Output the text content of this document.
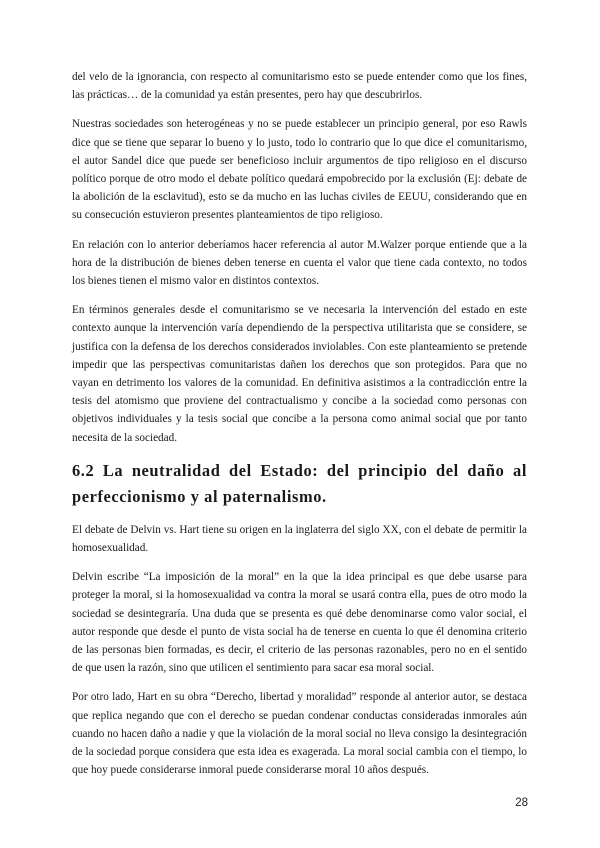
del velo de la ignorancia, con respecto al comunitarismo esto se puede entender como que los fines, las prácticas… de la comunidad ya están presentes, pero hay que descubrirlos.

Nuestras sociedades son heterogéneas y no se puede establecer un principio general, por eso Rawls dice que se tiene que separar lo bueno y lo justo, todo lo contrario que lo que dice el comunitarismo, el autor Sandel dice que puede ser beneficioso incluir argumentos de tipo religioso en el discurso político porque de otro modo el debate político quedará empobrecido por la exclusión (Ej: debate de la abolición de la esclavitud), esto se da mucho en las luchas civiles de EEUU, considerando que en su consecución estuvieron presentes planteamientos de tipo religioso.

En relación con lo anterior deberíamos hacer referencia al autor M.Walzer porque entiende que a la hora de la distribución de bienes deben tenerse en cuenta el valor que tiene cada contexto, no todos los bienes tienen el mismo valor en distintos contextos.

En términos generales desde el comunitarismo se ve necesaria la intervención del estado en este contexto aunque la intervención varía dependiendo de la perspectiva utilitarista que se considere, se justifica con la defensa de los derechos considerados inviolables. Con este planteamiento se pretende impedir que las perspectivas comunitaristas dañen los derechos que son protegidos. Para que no vayan en detrimento los valores de la comunidad. En definitiva asistimos a la contradicción entre la tesis del atomismo que proviene del contractualismo y concibe a la sociedad como personas con objetivos individuales y la tesis social que concibe a la persona como animal social que por tanto necesita de la sociedad.

6.2 La neutralidad del Estado: del principio del daño al perfeccionismo y al paternalismo.

El debate de Delvin vs. Hart tiene su origen en la inglaterra del siglo XX, con el debate de permitir la homosexualidad.

Delvin escribe “La imposición de la moral” en la que la idea principal es que debe usarse para proteger la moral, si la homosexualidad va contra la moral se usará contra ella, pues de otro modo la sociedad se desintegraría. Una duda que se presenta es qué debe denominarse como valor social, el autor responde que desde el punto de vista social ha de tenerse en cuenta lo que él denomina criterio de las personas bien formadas, es decir, el criterio de las personas razonables, pero no en el sentido de que usen la razón, sino que utilicen el sentimiento para sacar esa moral social.

Por otro lado, Hart en su obra “Derecho, libertad y moralidad” responde al anterior autor, se destaca que replica negando que con el derecho se puedan condenar conductas consideradas inmorales aún cuando no hacen daño a nadie y que la violación de la moral social no lleva consigo la desintegración de la sociedad porque considera que esta idea es exagerada. La moral social cambia con el tiempo, lo que hoy puede considerarse inmoral puede considerarse moral 10 años después.

28
